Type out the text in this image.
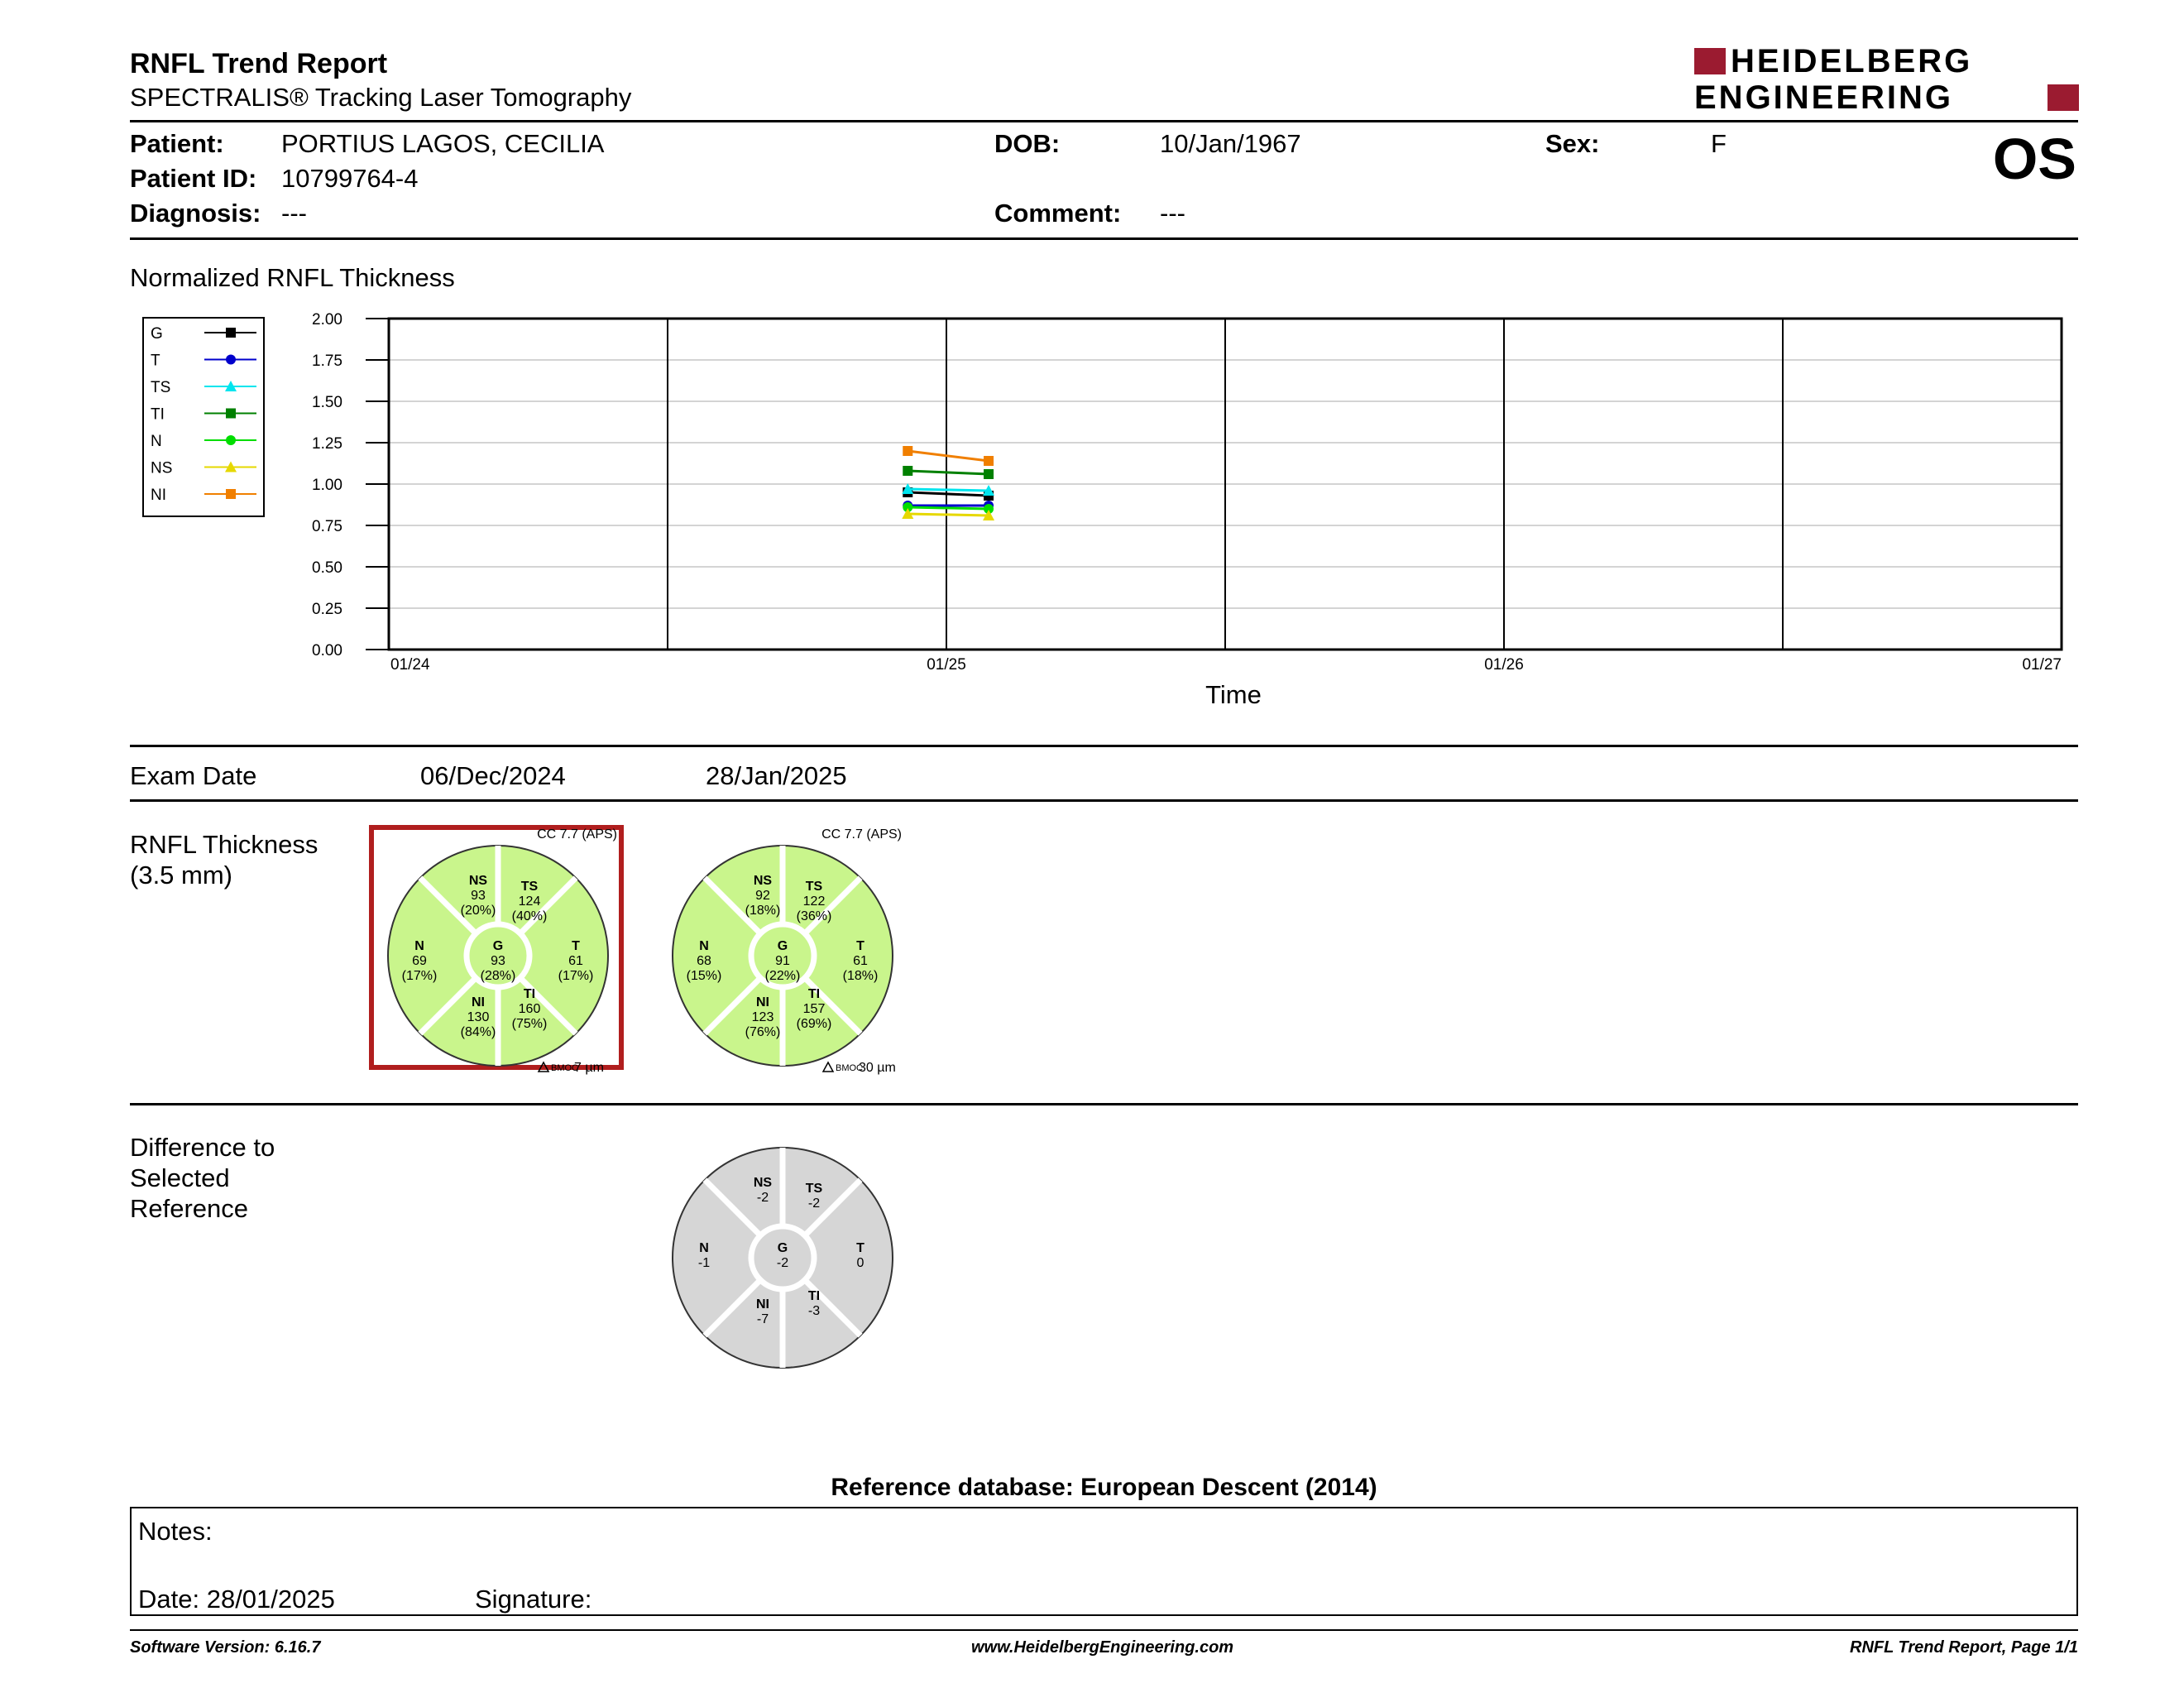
RNFL Trend Report
SPECTRALIS® Tracking Laser Tomography
HEIDELBERG
ENGINEERING
Patient: PORTIUS LAGOS, CECILIA
Patient ID: 10799764-4
Diagnosis: ---
DOB:	10/Jan/1967
Comment: ---
Sex:	F	OS
Normalized RNFL Thickness
0.00
0.25
0.50
0.75
1.00
1.25
1.50
1.75
2.00
01/24	01/25	01/26	01/27
Time
G
T
TS
TI
N
NS
NI
Exam Date	06/Dec/2024	28/Jan/2025
RNFL Thickness
(3.5 mm)	NS
93
(20%)
TS
124
(40%)
N
69
(17%)
G
93
(28%)
T
61
(17%)
NI
130
(84%)
TI
160
(75%)
CC 7.7 (APS)
BMOC
7 µm
NS
92
(18%)
TS
122
(36%)
N
68
(15%)
G
91
(22%)
T
61
(18%)
NI
123
(76%)
TI
157
(69%)
CC 7.7 (APS)
BMOC
30 µm
Difference to
Selected
Reference
NS
-2
TS
-2
N
-1
G
-2
T
0
NI
-7
TI
-3
Reference database: European Descent (2014)
Notes:
Date: 28/01/2025	Signature:
Software Version: 6.16.7	www.HeidelbergEngineering.com	RNFL Trend Report, Page 1/1
